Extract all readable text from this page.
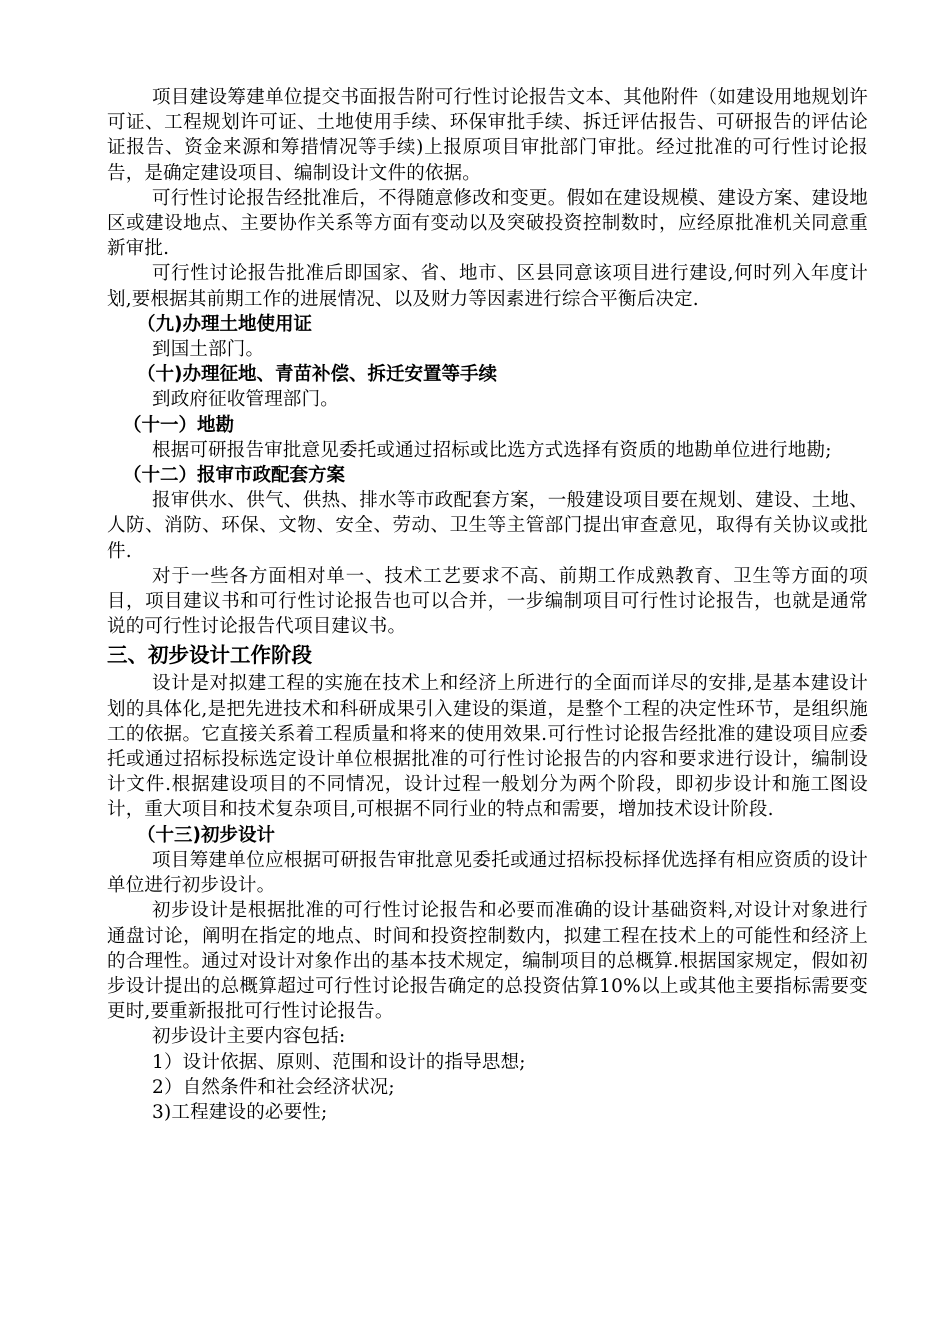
项目建设筹建单位提交书面报告附可行性讨论报告文本、其他附件（如建设用地规划许可证、工程规划许可证、土地使用手续、环保审批手续、拆迁评估报告、可研报告的评估论证报告、资金来源和筹措情况等手续)上报原项目审批部门审批。经过批准的可行性讨论报告，是确定建设项目、编制设计文件的依据。

可行性讨论报告经批准后，不得随意修改和变更。假如在建设规模、建设方案、建设地区或建设地点、主要协作关系等方面有变动以及突破投资控制数时，应经原批准机关同意重新审批.

可行性讨论报告批准后即国家、省、地市、区县同意该项目进行建设,何时列入年度计划,要根据其前期工作的进展情况、以及财力等因素进行综合平衡后决定.

（九)办理土地使用证

到国土部门。

（十)办理征地、青苗补偿、拆迁安置等手续

到政府征收管理部门。

（十一）地勘

根据可研报告审批意见委托或通过招标或比选方式选择有资质的地勘单位进行地勘;

（十二）报审市政配套方案

报审供水、供气、供热、排水等市政配套方案，一般建设项目要在规划、建设、土地、人防、消防、环保、文物、安全、劳动、卫生等主管部门提出审查意见，取得有关协议或批件.

对于一些各方面相对单一、技术工艺要求不高、前期工作成熟教育、卫生等方面的项目，项目建议书和可行性讨论报告也可以合并，一步编制项目可行性讨论报告，也就是通常说的可行性讨论报告代项目建议书。

三、初步设计工作阶段

设计是对拟建工程的实施在技术上和经济上所进行的全面而详尽的安排,是基本建设计划的具体化,是把先进技术和科研成果引入建设的渠道，是整个工程的决定性环节，是组织施工的依据。它直接关系着工程质量和将来的使用效果.可行性讨论报告经批准的建设项目应委托或通过招标投标选定设计单位根据批准的可行性讨论报告的内容和要求进行设计，编制设计文件.根据建设项目的不同情况，设计过程一般划分为两个阶段，即初步设计和施工图设计，重大项目和技术复杂项目,可根据不同行业的特点和需要，增加技术设计阶段.

（十三)初步设计

项目筹建单位应根据可研报告审批意见委托或通过招标投标择优选择有相应资质的设计单位进行初步设计。

初步设计是根据批准的可行性讨论报告和必要而准确的设计基础资料,对设计对象进行通盘讨论，阐明在指定的地点、时间和投资控制数内，拟建工程在技术上的可能性和经济上的合理性。通过对设计对象作出的基本技术规定，编制项目的总概算.根据国家规定，假如初步设计提出的总概算超过可行性讨论报告确定的总投资估算10%以上或其他主要指标需要变更时,要重新报批可行性讨论报告。

初步设计主要内容包括:

1）设计依据、原则、范围和设计的指导思想;

2）自然条件和社会经济状况;

3)工程建设的必要性;
